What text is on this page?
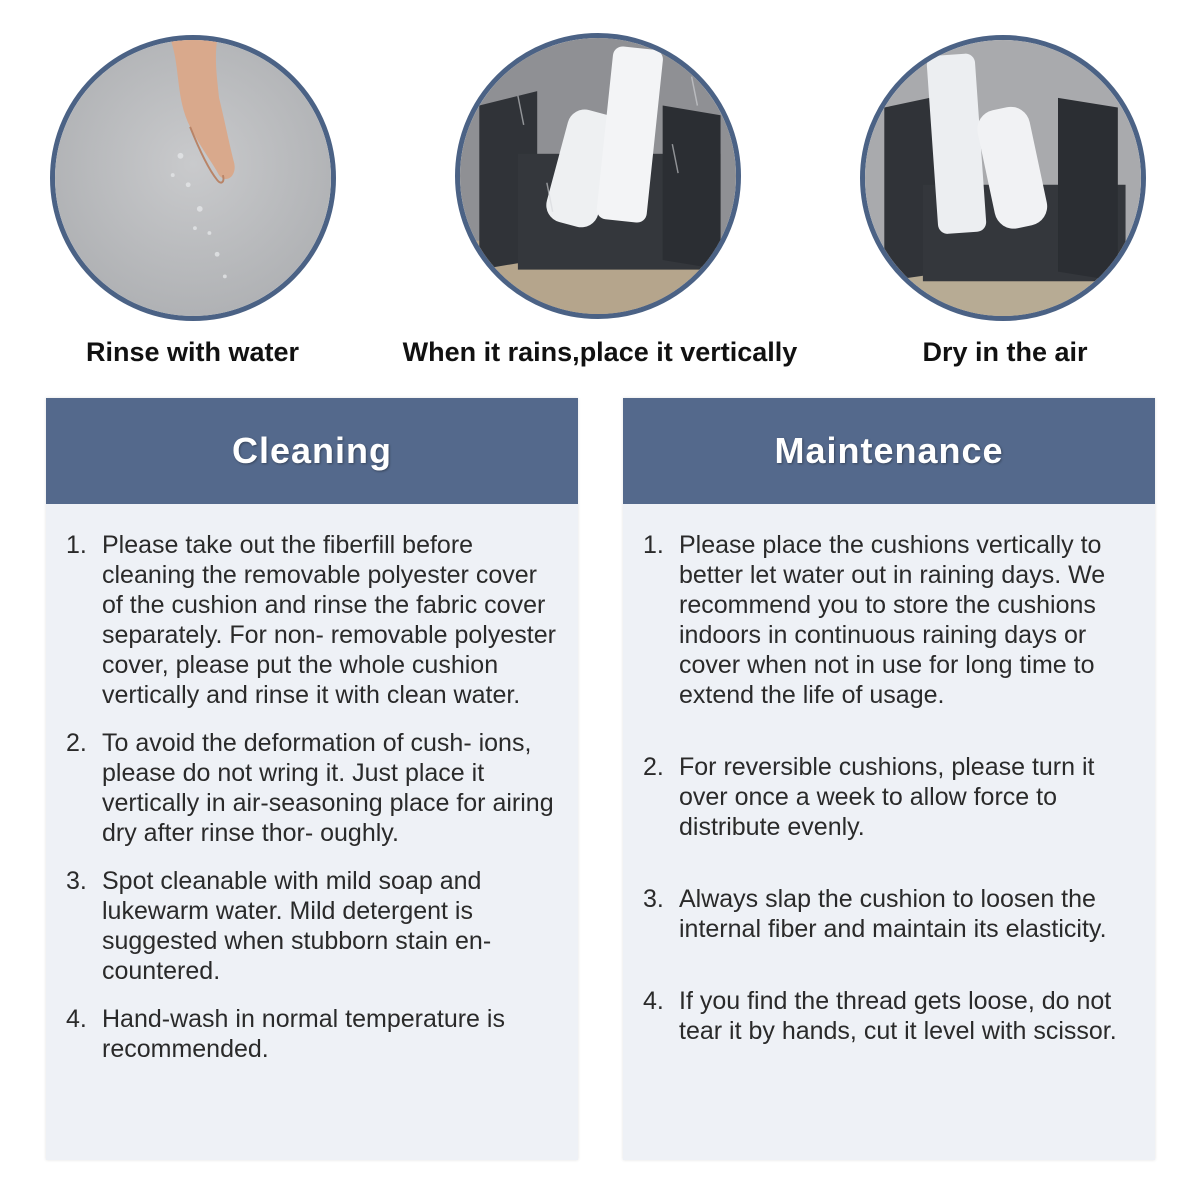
Rinse with water	When it rains,place it vertically	Dry in the air
Cleaning
1. Please take out the fiberfill before cleaning the removable polyester cover of the cushion and rinse the fabric cover separately. For non- removable polyester cover, please put the whole cushion vertically and rinse it with clean water.
2. To avoid the deformation of cush- ions, please do not wring it. Just place it vertically in air-seasoning place for airing dry after rinse thor- oughly.
3. Spot cleanable with mild soap and lukewarm water. Mild detergent is suggested when stubborn stain en- countered.
4. Hand-wash in normal temperature is recommended.
Maintenance
1. Please place the cushions vertically to better let water out in raining days. We recommend you to store the cushions indoors in continuous raining days or cover when not in use for long time to extend the life of usage.
2. For reversible cushions, please turn it over once a week to allow force to distribute evenly.
3. Always slap the cushion to loosen the internal fiber and maintain its elasticity.
4. If you find the thread gets loose, do not tear it by hands, cut it level with scissor.
